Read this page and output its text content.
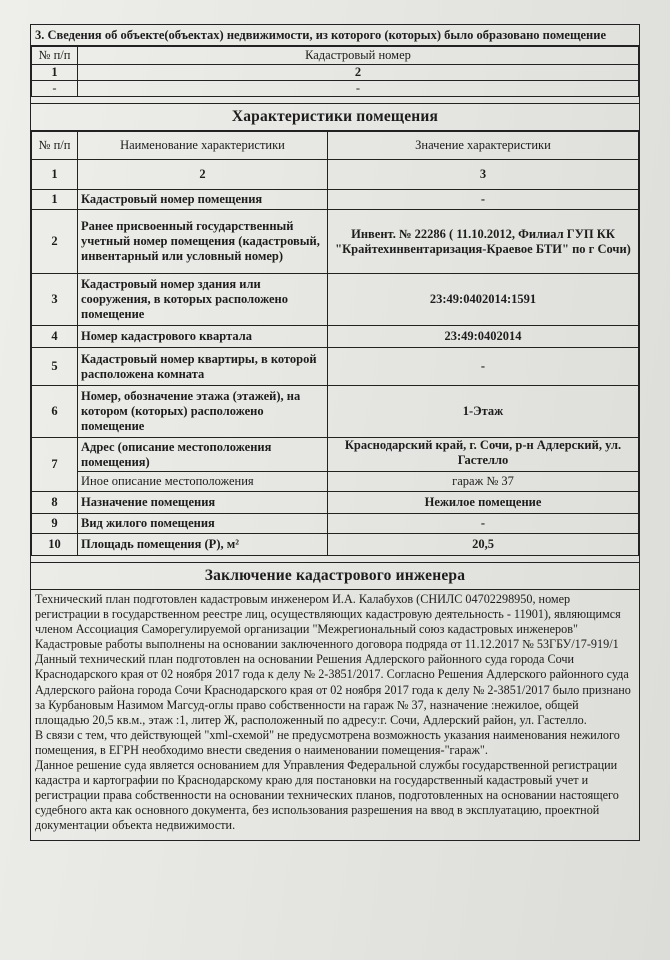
3. Сведения об объекте(объектах) недвижимости, из которого (которых) было образовано помещение
№ п/п	Кадастровый номер
1	2
-	-
Характеристики помещения
№ п/п	Наименование характеристики	Значение характеристики
1	2	3
1	Кадастровый номер помещения	-
2	Ранее присвоенный государственный учетный номер помещения (кадастровый, инвентарный или условный номер)	Инвент. № 22286 ( 11.10.2012, Филиал ГУП КК "Крайтехинвентаризация-Краевое БТИ" по г Сочи)
3	Кадастровый номер здания или сооружения, в которых расположено помещение	23:49:0402014:1591
4	Номер кадастрового квартала	23:49:0402014
5	Кадастровый номер квартиры, в которой расположена комната	-
6	Номер, обозначение этажа (этажей), на котором (которых) расположено помещение	1-Этаж
7	Адрес (описание местоположения помещения)	Краснодарский край, г. Сочи, р-н Адлерский, ул. Гастелло
	Иное описание местоположения	гараж № 37
8	Назначение помещения	Нежилое помещение
9	Вид жилого помещения	-
10	Площадь помещения (P), м²	20,5
Заключение кадастрового инженера

Технический план подготовлен кадастровым инженером И.А. Калабухов (СНИЛС 04702298950, номер регистрации в государственном реестре лиц, осуществляющих кадастровую деятельность - 11901), являющимся членом Ассоциация Саморегулируемой организации "Межрегиональный союз кадастровых инженеров" Кадастровые работы выполнены на основании заключенного договора подряда от 11.12.2017 № 53ГБУ/17-919/1

Данный технический план подготовлен на основании Решения Адлерского районного суда города Сочи Краснодарского края от 02 ноября 2017 года к делу № 2-3851/2017. Согласно Решения Адлерского районного суда Адлерского района города Сочи Краснодарского края от 02 ноября 2017 года к делу № 2-3851/2017 было признано за Курбановым Назимом Магсуд-оглы право собственности на гараж № 37, назначение :нежилое, общей площадью 20,5 кв.м., этаж :1, литер Ж, расположенный по адресу:г. Сочи, Адлерский район, ул. Гастелло.

В связи с тем, что действующей "xml-схемой" не предусмотрена возможность указания наименования нежилого помещения, в ЕГРН необходимо внести сведения о наименовании помещения-"гараж".

Данное решение суда является основанием для Управления Федеральной службы государственной регистрации кадастра и картографии по Краснодарскому краю для постановки на государственный кадастровый учет и регистрации права собственности на основании технических планов, подготовленных на основании настоящего судебного акта как основного документа, без использования разрешения на ввод в эксплуатацию, проектной документации объекта недвижимости.
